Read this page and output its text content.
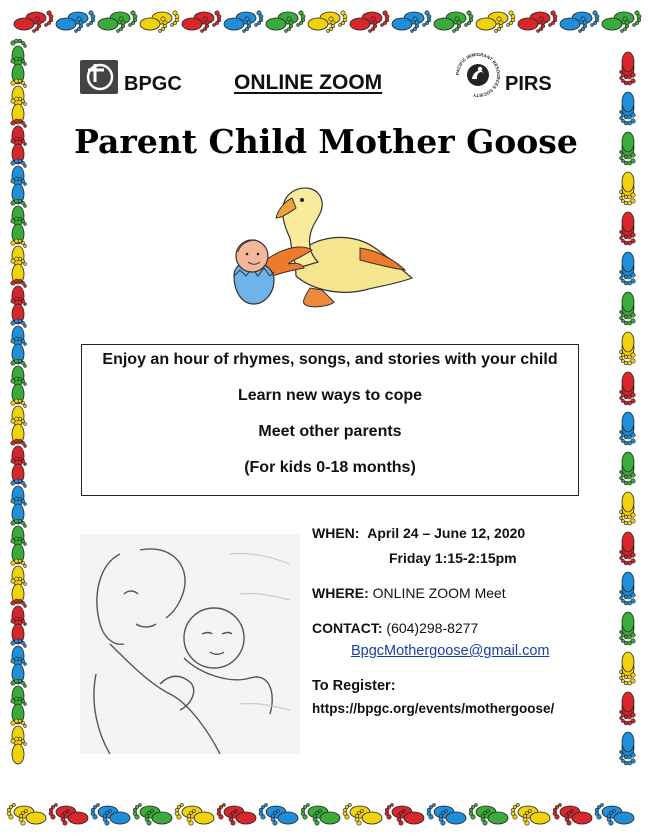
BPGC ONLINE ZOOM	PACIFIC IMMIGRANT RESOURCES SOCIETY
PIRS
Parent Child Mother Goose
Enjoy an hour of rhymes, songs, and stories with your child
Learn new ways to cope
Meet other parents
(For kids 0-18 months)
WHEN: April 24 – June 12, 2020
Friday 1:15-2:15pm
WHERE: ONLINE ZOOM Meet
CONTACT: (604)298-8277
BpgcMothergoose@gmail.com
To Register:
https://bpgc.org/events/mothergoose/
